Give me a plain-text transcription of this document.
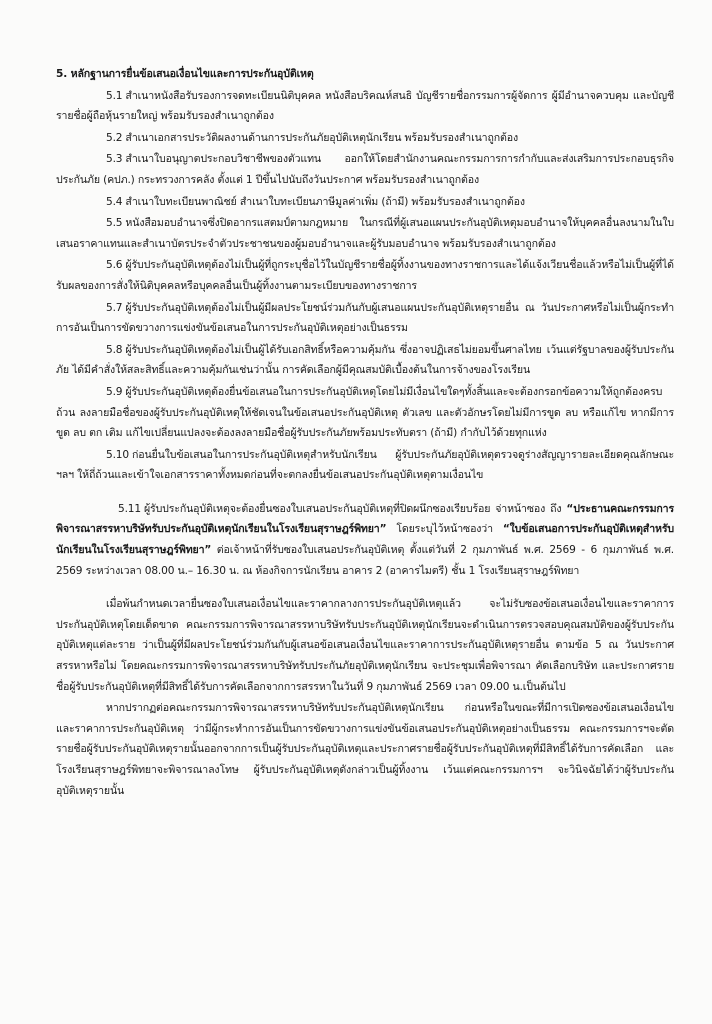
5. หลักฐานการยื่นข้อเสนอเงื่อนไขและการประกันอุบัติเหตุ
5.1 สำเนาหนังสือรับรองการจดทะเบียนนิติบุคคล หนังสือบริคณห์สนธิ บัญชีรายชื่อกรรมการผู้จัดการ ผู้มีอำนาจควบคุม และบัญชีรายชื่อผู้ถือหุ้นรายใหญ่ พร้อมรับรองสำเนาถูกต้อง
5.2 สำเนาเอกสารประวัติผลงานด้านการประกันภัยอุบัติเหตุนักเรียน พร้อมรับรองสำเนาถูกต้อง
5.3 สำเนาใบอนุญาตประกอบวิชาชีพของตัวแทน ออกให้โดยสำนักงานคณะกรรมการการกำกับและส่งเสริมการประกอบธุรกิจประกันภัย (คปภ.) กระทรวงการคลัง ตั้งแต่ 1 ปีขึ้นไปนับถึงวันประกาศ พร้อมรับรองสำเนาถูกต้อง
5.4 สำเนาใบทะเบียนพาณิชย์ สำเนาใบทะเบียนภาษีมูลค่าเพิ่ม (ถ้ามี) พร้อมรับรองสำเนาถูกต้อง
5.5 หนังสือมอบอำนาจซึ่งปิดอากรแสตมป์ตามกฎหมาย ในกรณีที่ผู้เสนอแผนประกันอุบัติเหตุมอบอำนาจให้บุคคลอื่นลงนามในใบเสนอราคาแทนและสำเนาบัตรประจำตัวประชาชนของผู้มอบอำนาจและผู้รับมอบอำนาจ พร้อมรับรองสำเนาถูกต้อง
5.6 ผู้รับประกันอุบัติเหตุต้องไม่เป็นผู้ที่ถูกระบุชื่อไว้ในบัญชีรายชื่อผู้ทิ้งงานของทางราชการและได้แจ้งเวียนชื่อแล้วหรือไม่เป็นผู้ที่ได้รับผลของการสั่งให้นิติบุคคลหรือบุคคลอื่นเป็นผู้ทิ้งงานตามระเบียบของทางราชการ
5.7 ผู้รับประกันอุบัติเหตุต้องไม่เป็นผู้มีผลประโยชน์ร่วมกันกับผู้เสนอแผนประกันอุบัติเหตุรายอื่น ณ วันประกาศหรือไม่เป็นผู้กระทำการอันเป็นการขัดขวางการแข่งขันข้อเสนอในการประกันอุบัติเหตุอย่างเป็นธรรม
5.8 ผู้รับประกันอุบัติเหตุต้องไม่เป็นผู้ได้รับเอกสิทธิ์หรือความคุ้มกัน ซึ่งอาจปฏิเสธไม่ยอมขึ้นศาลไทย เว้นแต่รัฐบาลของผู้รับประกันภัย ได้มีคำสั่งให้สละสิทธิ์และความคุ้มกันเช่นว่านั้น การคัดเลือกผู้มีคุณสมบัติเบื้องต้นในการจ้างของโรงเรียน
5.9 ผู้รับประกันอุบัติเหตุต้องยื่นข้อเสนอในการประกันอุบัติเหตุโดยไม่มีเงื่อนไขใดๆทั้งสิ้นและจะต้องกรอกข้อความให้ถูกต้องครบถ้วน ลงลายมือชื่อของผู้รับประกันอุบัติเหตุให้ชัดเจนในข้อเสนอประกันอุบัติเหตุ ตัวเลข และตัวอักษรโดยไม่มีการขูด ลบ หรือแก้ไข หากมีการขูด ลบ ตก เติม แก้ไขเปลี่ยนแปลงจะต้องลงลายมือชื่อผู้รับประกันภัยพร้อมประทับตรา (ถ้ามี) กำกับไว้ด้วยทุกแห่ง
5.10 ก่อนยื่นใบข้อเสนอในการประกันอุบัติเหตุสำหรับนักเรียน ผู้รับประกันภัยอุบัติเหตุตรวจดูร่างสัญญารายละเอียดคุณลักษณะฯลฯ ให้ถี่ถ้วนและเข้าใจเอกสารราคาทั้งหมดก่อนที่จะตกลงยื่นข้อเสนอประกันอุบัติเหตุตามเงื่อนไข
5.11 ผู้รับประกันอุบัติเหตุจะต้องยื่นซองใบเสนอประกันอุบัติเหตุที่ปิดผนึกซองเรียบร้อย จ่าหน้าซอง ถึง “ประธานคณะกรรมการพิจารณาสรรหาบริษัทรับประกันอุบัติเหตุนักเรียนในโรงเรียนสุราษฎร์พิทยา” โดยระบุไว้หน้าซองว่า “ใบข้อเสนอการประกันอุบัติเหตุสำหรับนักเรียนในโรงเรียนสุราษฎร์พิทยา” ต่อเจ้าหน้าที่รับซองใบเสนอประกันอุบัติเหตุ ตั้งแต่วันที่ 2 กุมภาพันธ์ พ.ศ. 2569 - 6 กุมภาพันธ์ พ.ศ. 2569 ระหว่างเวลา 08.00 น.– 16.30 น. ณ ห้องกิจการนักเรียน อาคาร 2 (อาคารไมตรี) ชั้น 1 โรงเรียนสุราษฎร์พิทยา
เมื่อพ้นกำหนดเวลายื่นซองใบเสนอเงื่อนไขและราคากลางการประกันอุบัติเหตุแล้ว จะไม่รับซองข้อเสนอเงื่อนไขและราคาการประกันอุบัติเหตุโดยเด็ดขาด คณะกรรมการพิจารณาสรรหาบริษัทรับประกันอุบัติเหตุนักเรียนจะดำเนินการตรวจสอบคุณสมบัติของผู้รับประกันอุบัติเหตุแต่ละราย ว่าเป็นผู้ที่มีผลประโยชน์ร่วมกันกับผู้เสนอข้อเสนอเงื่อนไขและราคาการประกันอุบัติเหตุรายอื่น ตามข้อ 5 ณ วันประกาศสรรหาหรือไม่ โดยคณะกรรมการพิจารณาสรรหาบริษัทรับประกันภัยอุบัติเหตุนักเรียน จะประชุมเพื่อพิจารณา คัดเลือกบริษัท และประกาศรายชื่อผู้รับประกันอุบัติเหตุที่มีสิทธิ์ได้รับการคัดเลือกจากการสรรหาในวันที่ 9 กุมภาพันธ์ 2569 เวลา 09.00 น.เป็นต้นไป
หากปรากฏต่อคณะกรรมการพิจารณาสรรหาบริษัทรับประกันอุบัติเหตุนักเรียน ก่อนหรือในขณะที่มีการเปิดซองข้อเสนอเงื่อนไข และราคาการประกันอุบัติเหตุ ว่ามีผู้กระทำการอันเป็นการขัดขวางการแข่งขันข้อเสนอประกันอุบัติเหตุอย่างเป็นธรรม คณะกรรมการฯจะตัดรายชื่อผู้รับประกันอุบัติเหตุรายนั้นออกจากการเป็นผู้รับประกันอุบัติเหตุและประกาศรายชื่อผู้รับประกันอุบัติเหตุที่มีสิทธิ์ได้รับการคัดเลือก และโรงเรียนสุราษฎร์พิทยาจะพิจารณาลงโทษ ผู้รับประกันอุบัติเหตุดังกล่าวเป็นผู้ทิ้งงาน เว้นแต่คณะกรรมการฯ จะวินิจฉัยได้ว่าผู้รับประกันอุบัติเหตุรายนั้น
